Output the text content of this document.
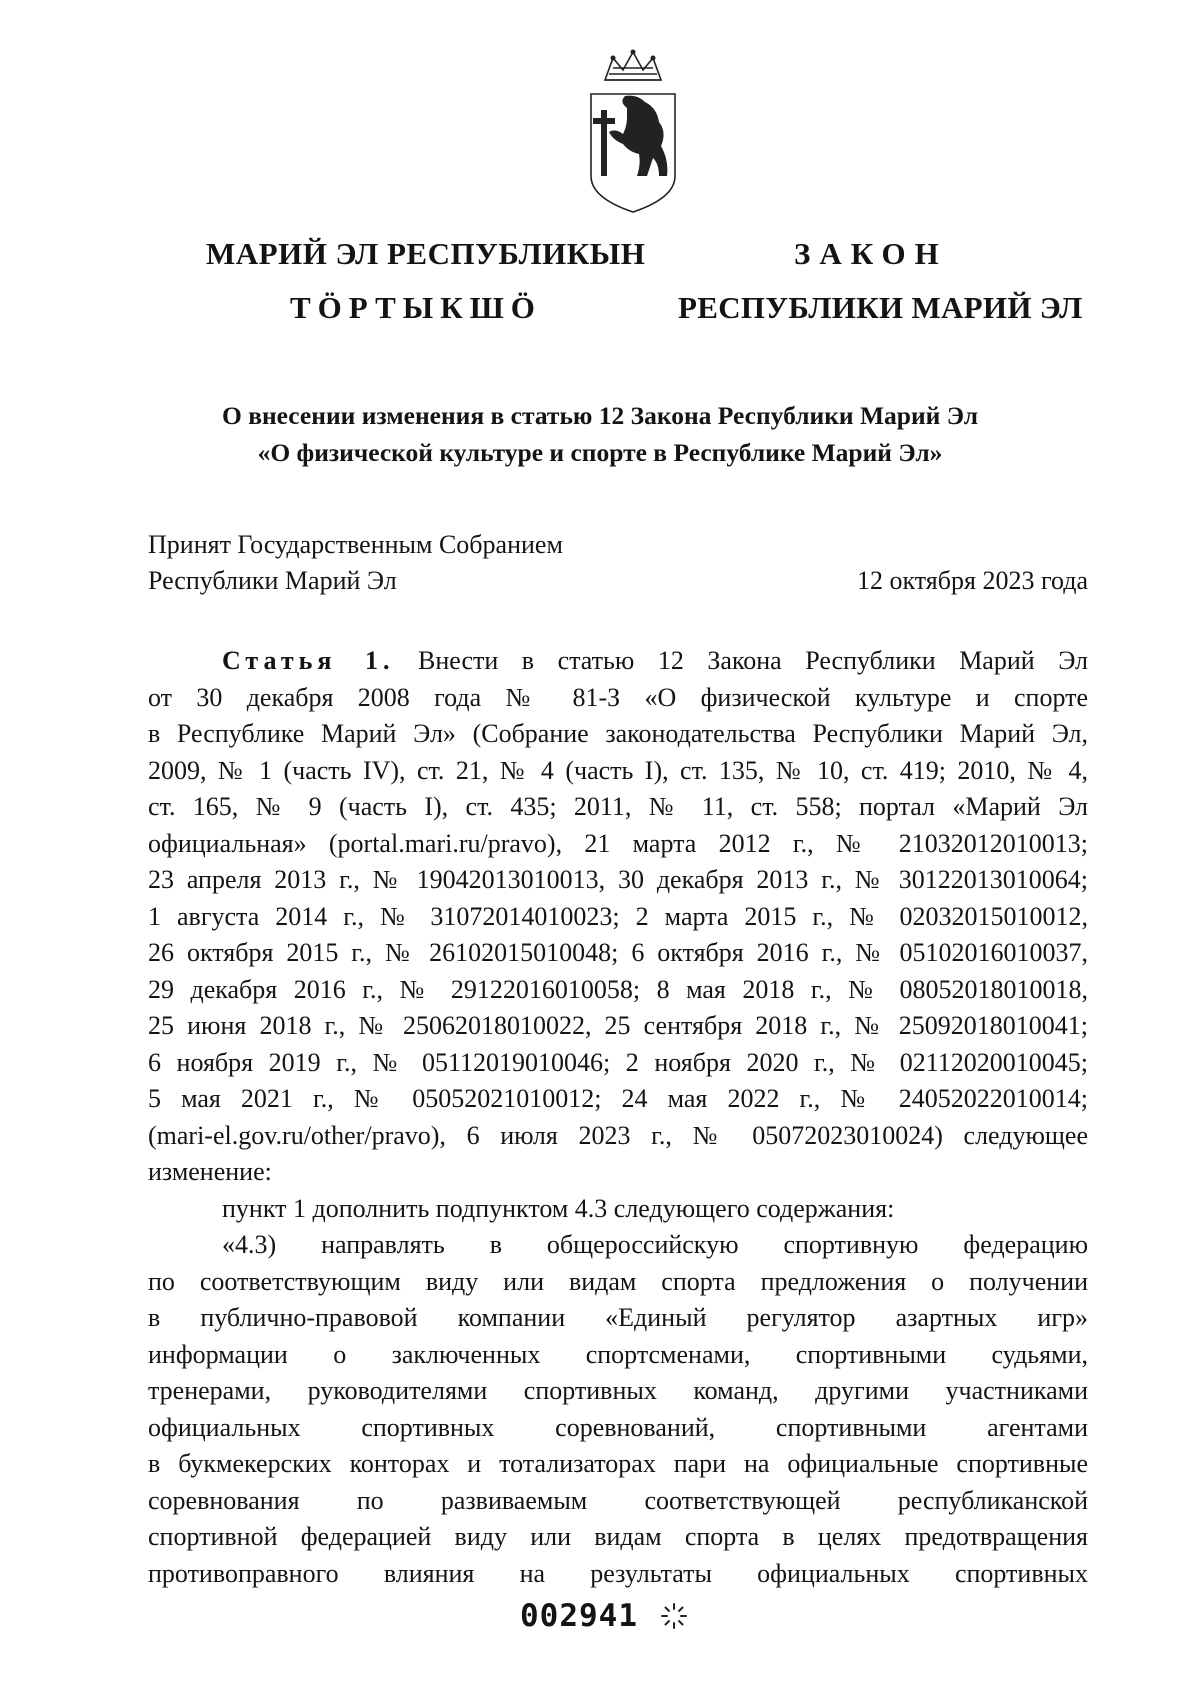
МАРИЙ ЭЛ РЕСПУБЛИКЫН
ТӦРТЫКШӦ
ЗАКОН
РЕСПУБЛИКИ МАРИЙ ЭЛ
О внесении изменения в статью 12 Закона Республики Марий Эл
«О физической культуре и спорте в Республике Марий Эл»
Принят Государственным Собранием
Республики Марий Эл	12 октября 2023 года
Статья 1. Внести в статью 12 Закона Республики Марий Эл
от 30 декабря 2008 года № 81-З «О физической культуре и спорте
в Республике Марий Эл» (Собрание законодательства Республики Марий Эл,
2009, № 1 (часть IV), ст. 21, № 4 (часть I), ст. 135, № 10, ст. 419; 2010, № 4,
ст. 165, № 9 (часть I), ст. 435; 2011, № 11, ст. 558; портал «Марий Эл
официальная» (portal.mari.ru/pravo), 21 марта 2012 г., № 21032012010013;
23 апреля 2013 г., № 19042013010013, 30 декабря 2013 г., № 30122013010064;
1 августа 2014 г., № 31072014010023; 2 марта 2015 г., № 02032015010012,
26 октября 2015 г., № 26102015010048; 6 октября 2016 г., № 05102016010037,
29 декабря 2016 г., № 29122016010058; 8 мая 2018 г., № 08052018010018,
25 июня 2018 г., № 25062018010022, 25 сентября 2018 г., № 25092018010041;
6 ноября 2019 г., № 05112019010046; 2 ноября 2020 г., № 02112020010045;
5 мая 2021 г., № 05052021010012; 24 мая 2022 г., № 24052022010014;
(mari-el.gov.ru/other/pravo), 6 июля 2023 г., № 05072023010024) следующее
изменение:
пункт 1 дополнить подпунктом 4.3 следующего содержания:
«4.3) направлять в общероссийскую спортивную федерацию
по соответствующим виду или видам спорта предложения о получении
в публично-правовой компании «Единый регулятор азартных игр»
информации о заключенных спортсменами, спортивными судьями,
тренерами, руководителями спортивных команд, другими участниками
официальных спортивных соревнований, спортивными агентами
в букмекерских конторах и тотализаторах пари на официальные спортивные
соревнования по развиваемым соответствующей республиканской
спортивной федерацией виду или видам спорта в целях предотвращения
противоправного влияния на результаты официальных спортивных
002941
